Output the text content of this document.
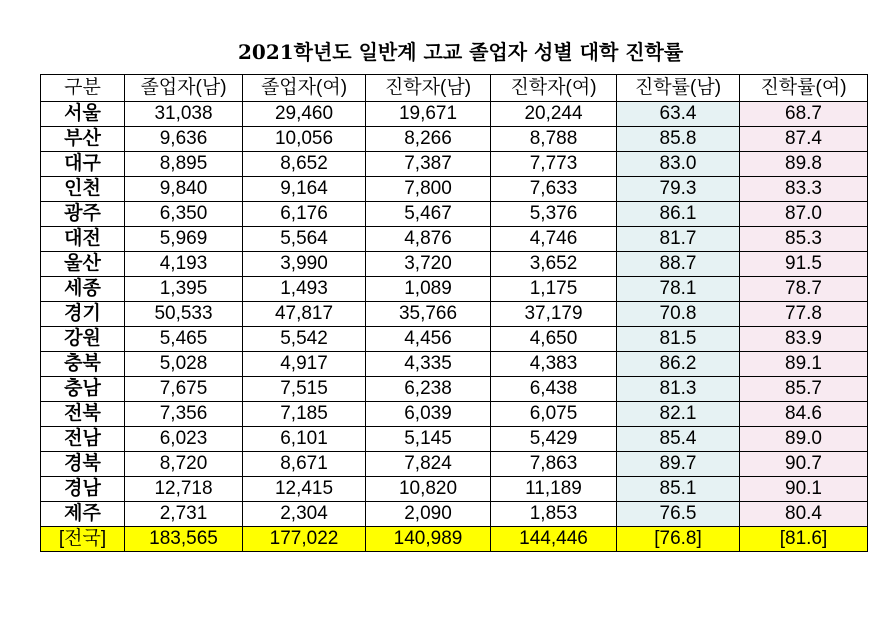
2021학년도 일반계 고교 졸업자 성별 대학 진학률
구분	졸업자(남)	졸업자(여)	진학자(남)	진학자(여)	진학률(남)	진학률(여)
서울	31,038	29,460	19,671	20,244	63.4	68.7
부산	9,636	10,056	8,266	8,788	85.8	87.4
대구	8,895	8,652	7,387	7,773	83.0	89.8
인천	9,840	9,164	7,800	7,633	79.3	83.3
광주	6,350	6,176	5,467	5,376	86.1	87.0
대전	5,969	5,564	4,876	4,746	81.7	85.3
울산	4,193	3,990	3,720	3,652	88.7	91.5
세종	1,395	1,493	1,089	1,175	78.1	78.7
경기	50,533	47,817	35,766	37,179	70.8	77.8
강원	5,465	5,542	4,456	4,650	81.5	83.9
충북	5,028	4,917	4,335	4,383	86.2	89.1
충남	7,675	7,515	6,238	6,438	81.3	85.7
전북	7,356	7,185	6,039	6,075	82.1	84.6
전남	6,023	6,101	5,145	5,429	85.4	89.0
경북	8,720	8,671	7,824	7,863	89.7	90.7
경남	12,718	12,415	10,820	11,189	85.1	90.1
제주	2,731	2,304	2,090	1,853	76.5	80.4
[전국]	183,565	177,022	140,989	144,446	[76.8]	[81.6]
